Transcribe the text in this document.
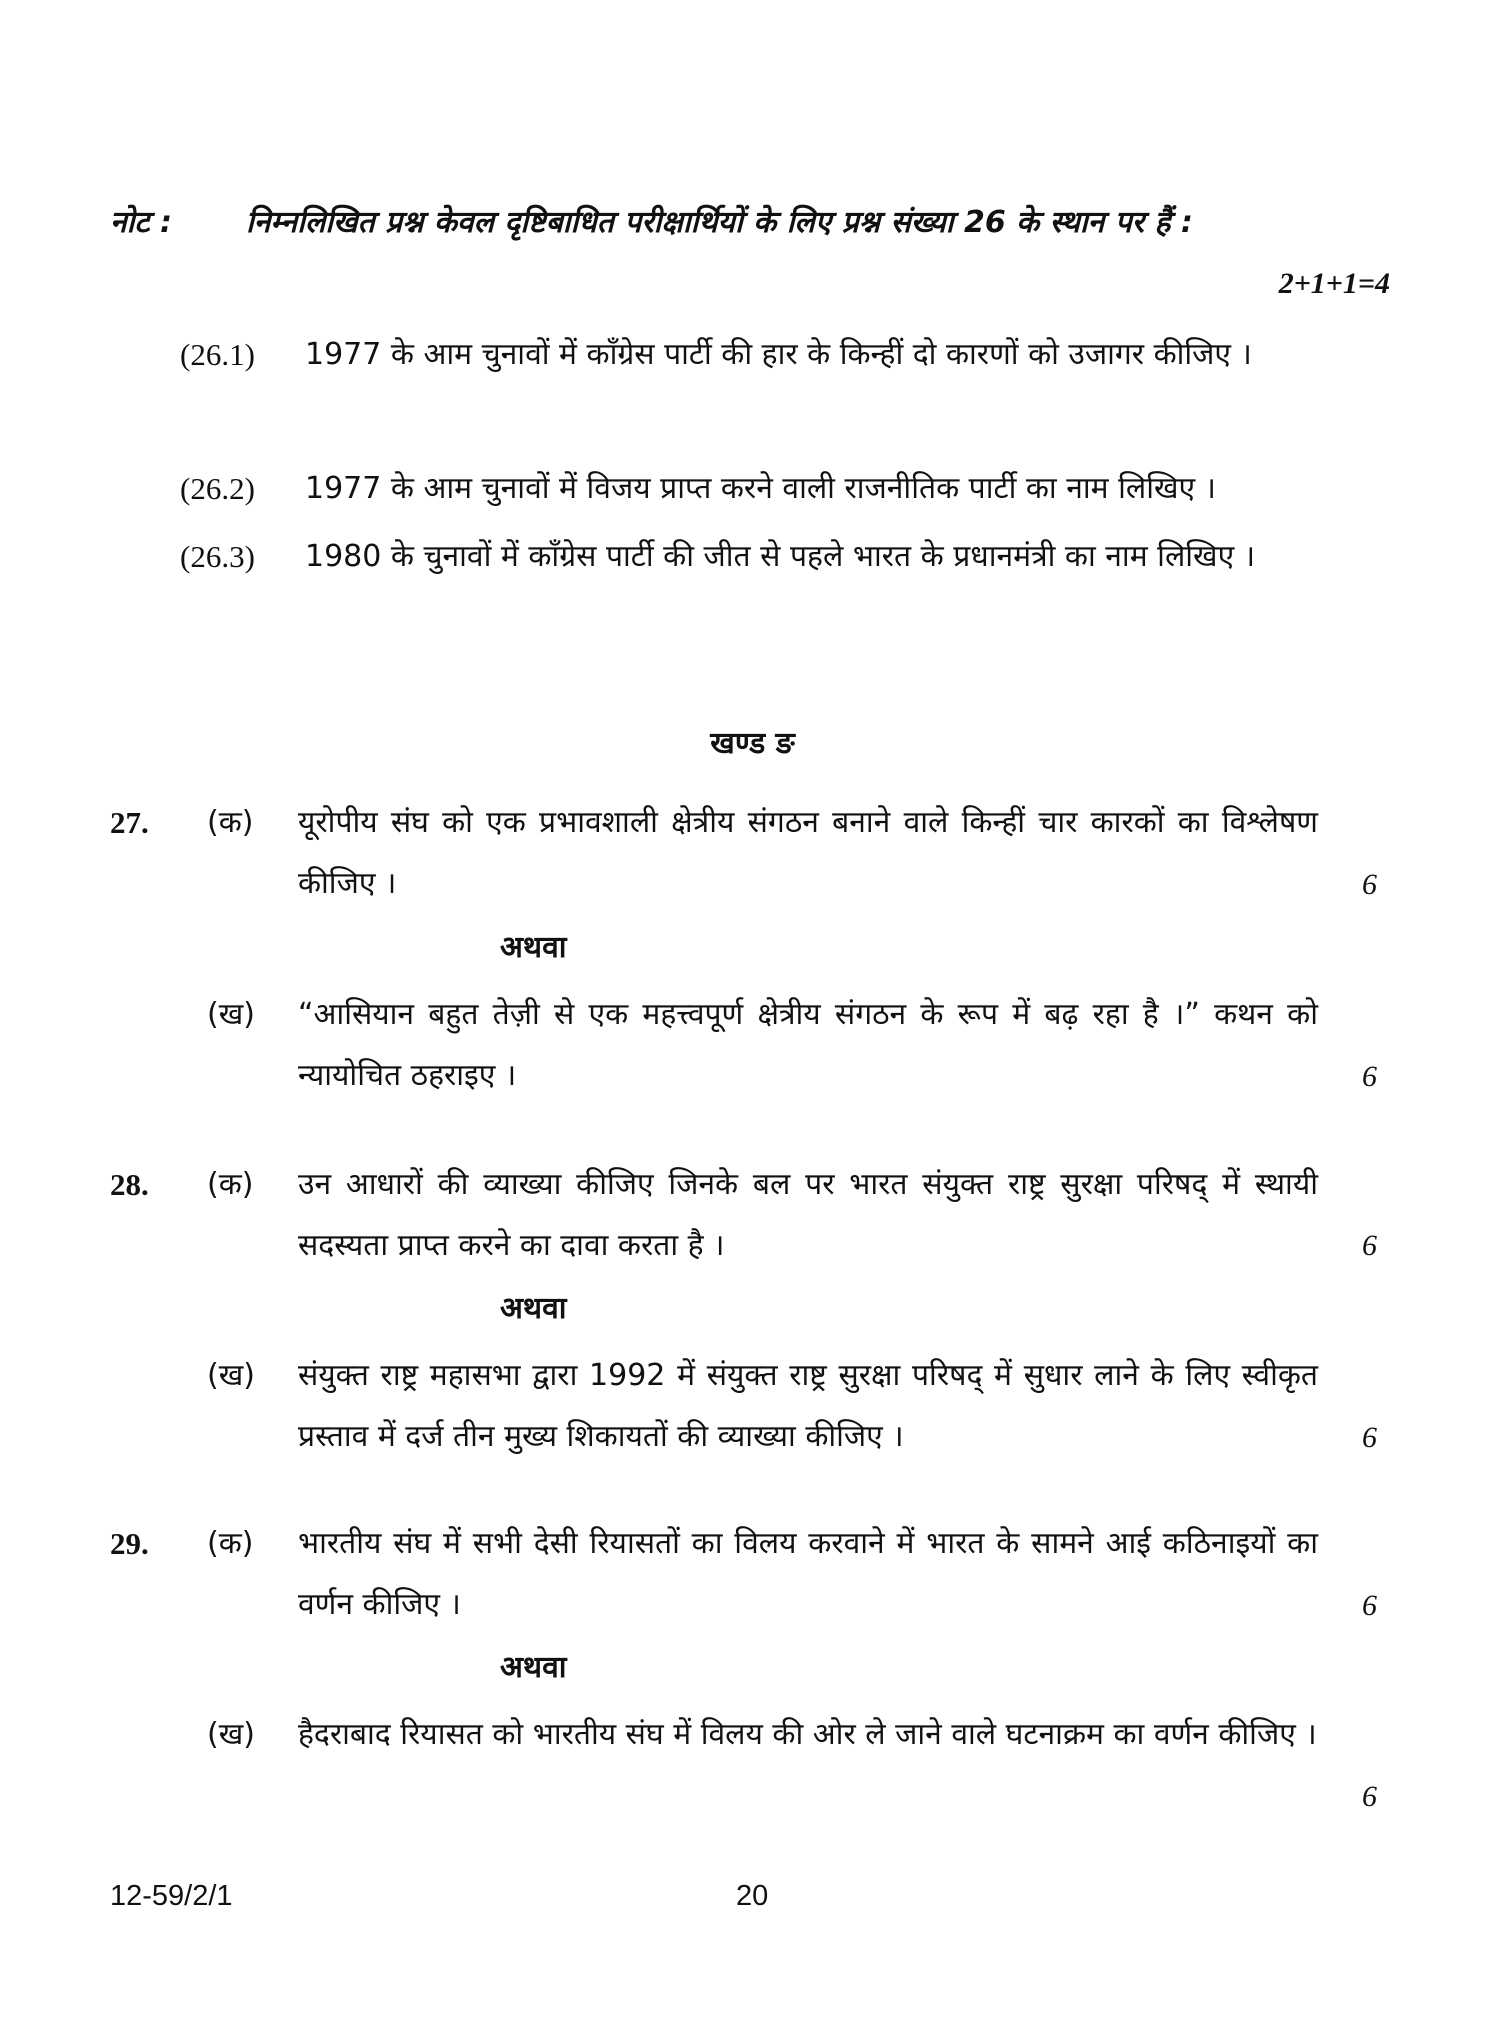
नोट : निम्नलिखित प्रश्न केवल दृष्टिबाधित परीक्षार्थियों के लिए प्रश्न संख्या 26 के स्थान पर हैं :
2+1+1=4
(26.1) 1977 के आम चुनावों में काँग्रेस पार्टी की हार के किन्हीं दो कारणों को उजागर कीजिए ।
(26.2) 1977 के आम चुनावों में विजय प्राप्त करने वाली राजनीतिक पार्टी का नाम लिखिए ।
(26.3) 1980 के चुनावों में काँग्रेस पार्टी की जीत से पहले भारत के प्रधानमंत्री का नाम लिखिए ।
खण्ड ङ
27. (क) यूरोपीय संघ को एक प्रभावशाली क्षेत्रीय संगठन बनाने वाले किन्हीं चार कारकों का विश्लेषण कीजिए ।	6
अथवा
(ख) “आसियान बहुत तेज़ी से एक महत्त्वपूर्ण क्षेत्रीय संगठन के रूप में बढ़ रहा है ।” कथन को न्यायोचित ठहराइए ।	6
28. (क) उन आधारों की व्याख्या कीजिए जिनके बल पर भारत संयुक्त राष्ट्र सुरक्षा परिषद् में स्थायी सदस्यता प्राप्त करने का दावा करता है ।	6
अथवा
(ख) संयुक्त राष्ट्र महासभा द्वारा 1992 में संयुक्त राष्ट्र सुरक्षा परिषद् में सुधार लाने के लिए स्वीकृत प्रस्ताव में दर्ज तीन मुख्य शिकायतों की व्याख्या कीजिए ।	6
29. (क) भारतीय संघ में सभी देसी रियासतों का विलय करवाने में भारत के सामने आई कठिनाइयों का वर्णन कीजिए ।	6
अथवा
(ख) हैदराबाद रियासत को भारतीय संघ में विलय की ओर ले जाने वाले घटनाक्रम का वर्णन कीजिए ।
6
12-59/2/1	20
